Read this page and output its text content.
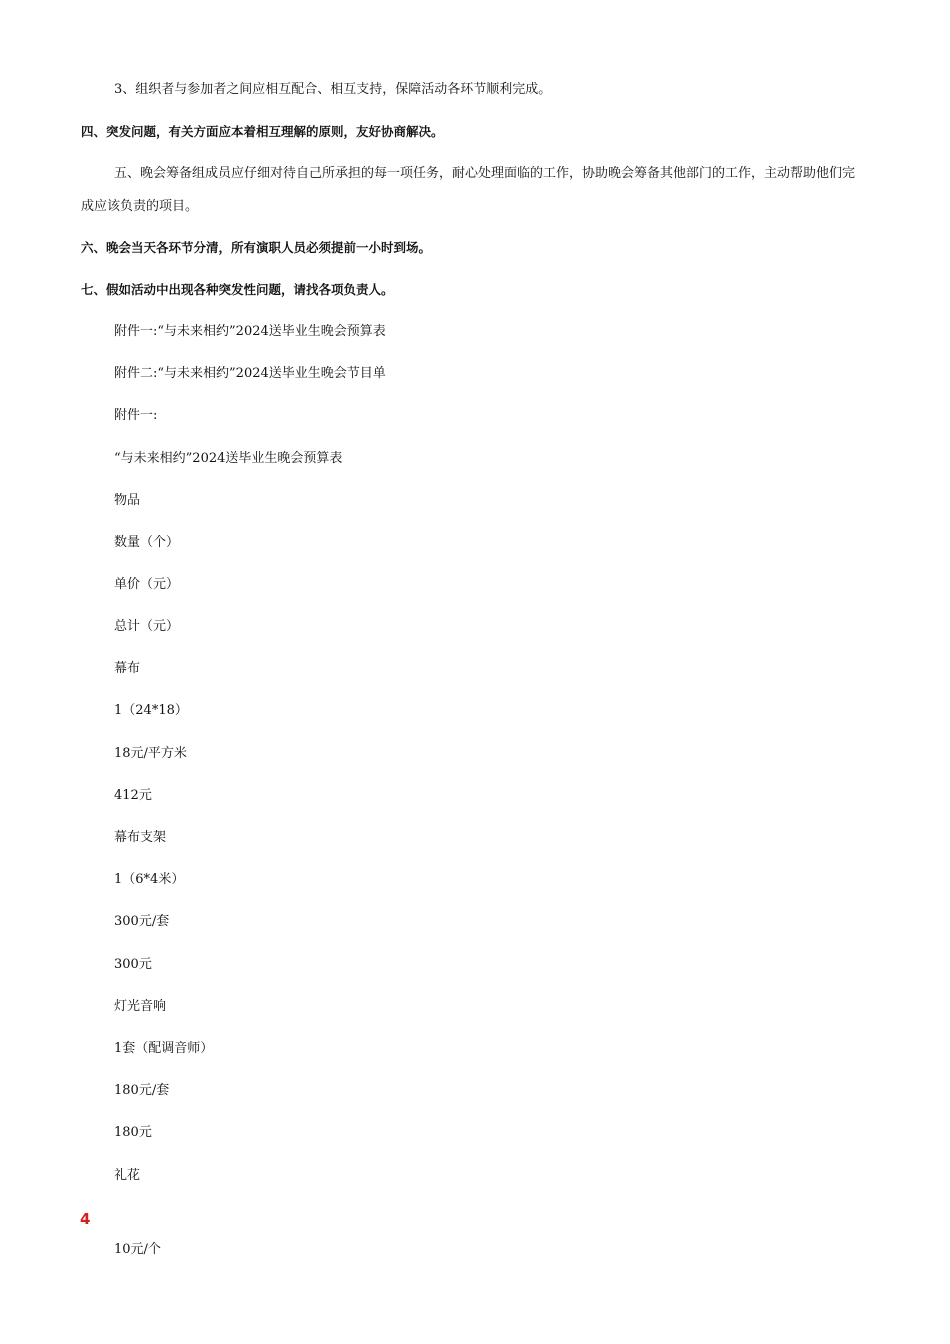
3、组织者与参加者之间应相互配合、相互支持，保障活动各环节顺利完成。
四、突发问题，有关方面应本着相互理解的原则，友好协商解决。
五、晚会筹备组成员应仔细对待自己所承担的每一项任务，耐心处理面临的工作，协助晚会筹备其他部门的工作，主动帮助他们完成应该负责的项目。
六、晚会当天各环节分清，所有演职人员必须提前一小时到场。
七、假如活动中出现各种突发性问题，请找各项负责人。
附件一:“与未来相约”2024送毕业生晚会预算表
附件二:“与未来相约”2024送毕业生晚会节目单
附件一:
“与未来相约”2024送毕业生晚会预算表
物品
数量（个）
单价（元）
总计（元）
幕布
1（24*18）
18元/平方米
412元
幕布支架
1（6*4米）
300元/套
300元
灯光音响
1套（配调音师）
180元/套
180元
礼花
4
10元/个
